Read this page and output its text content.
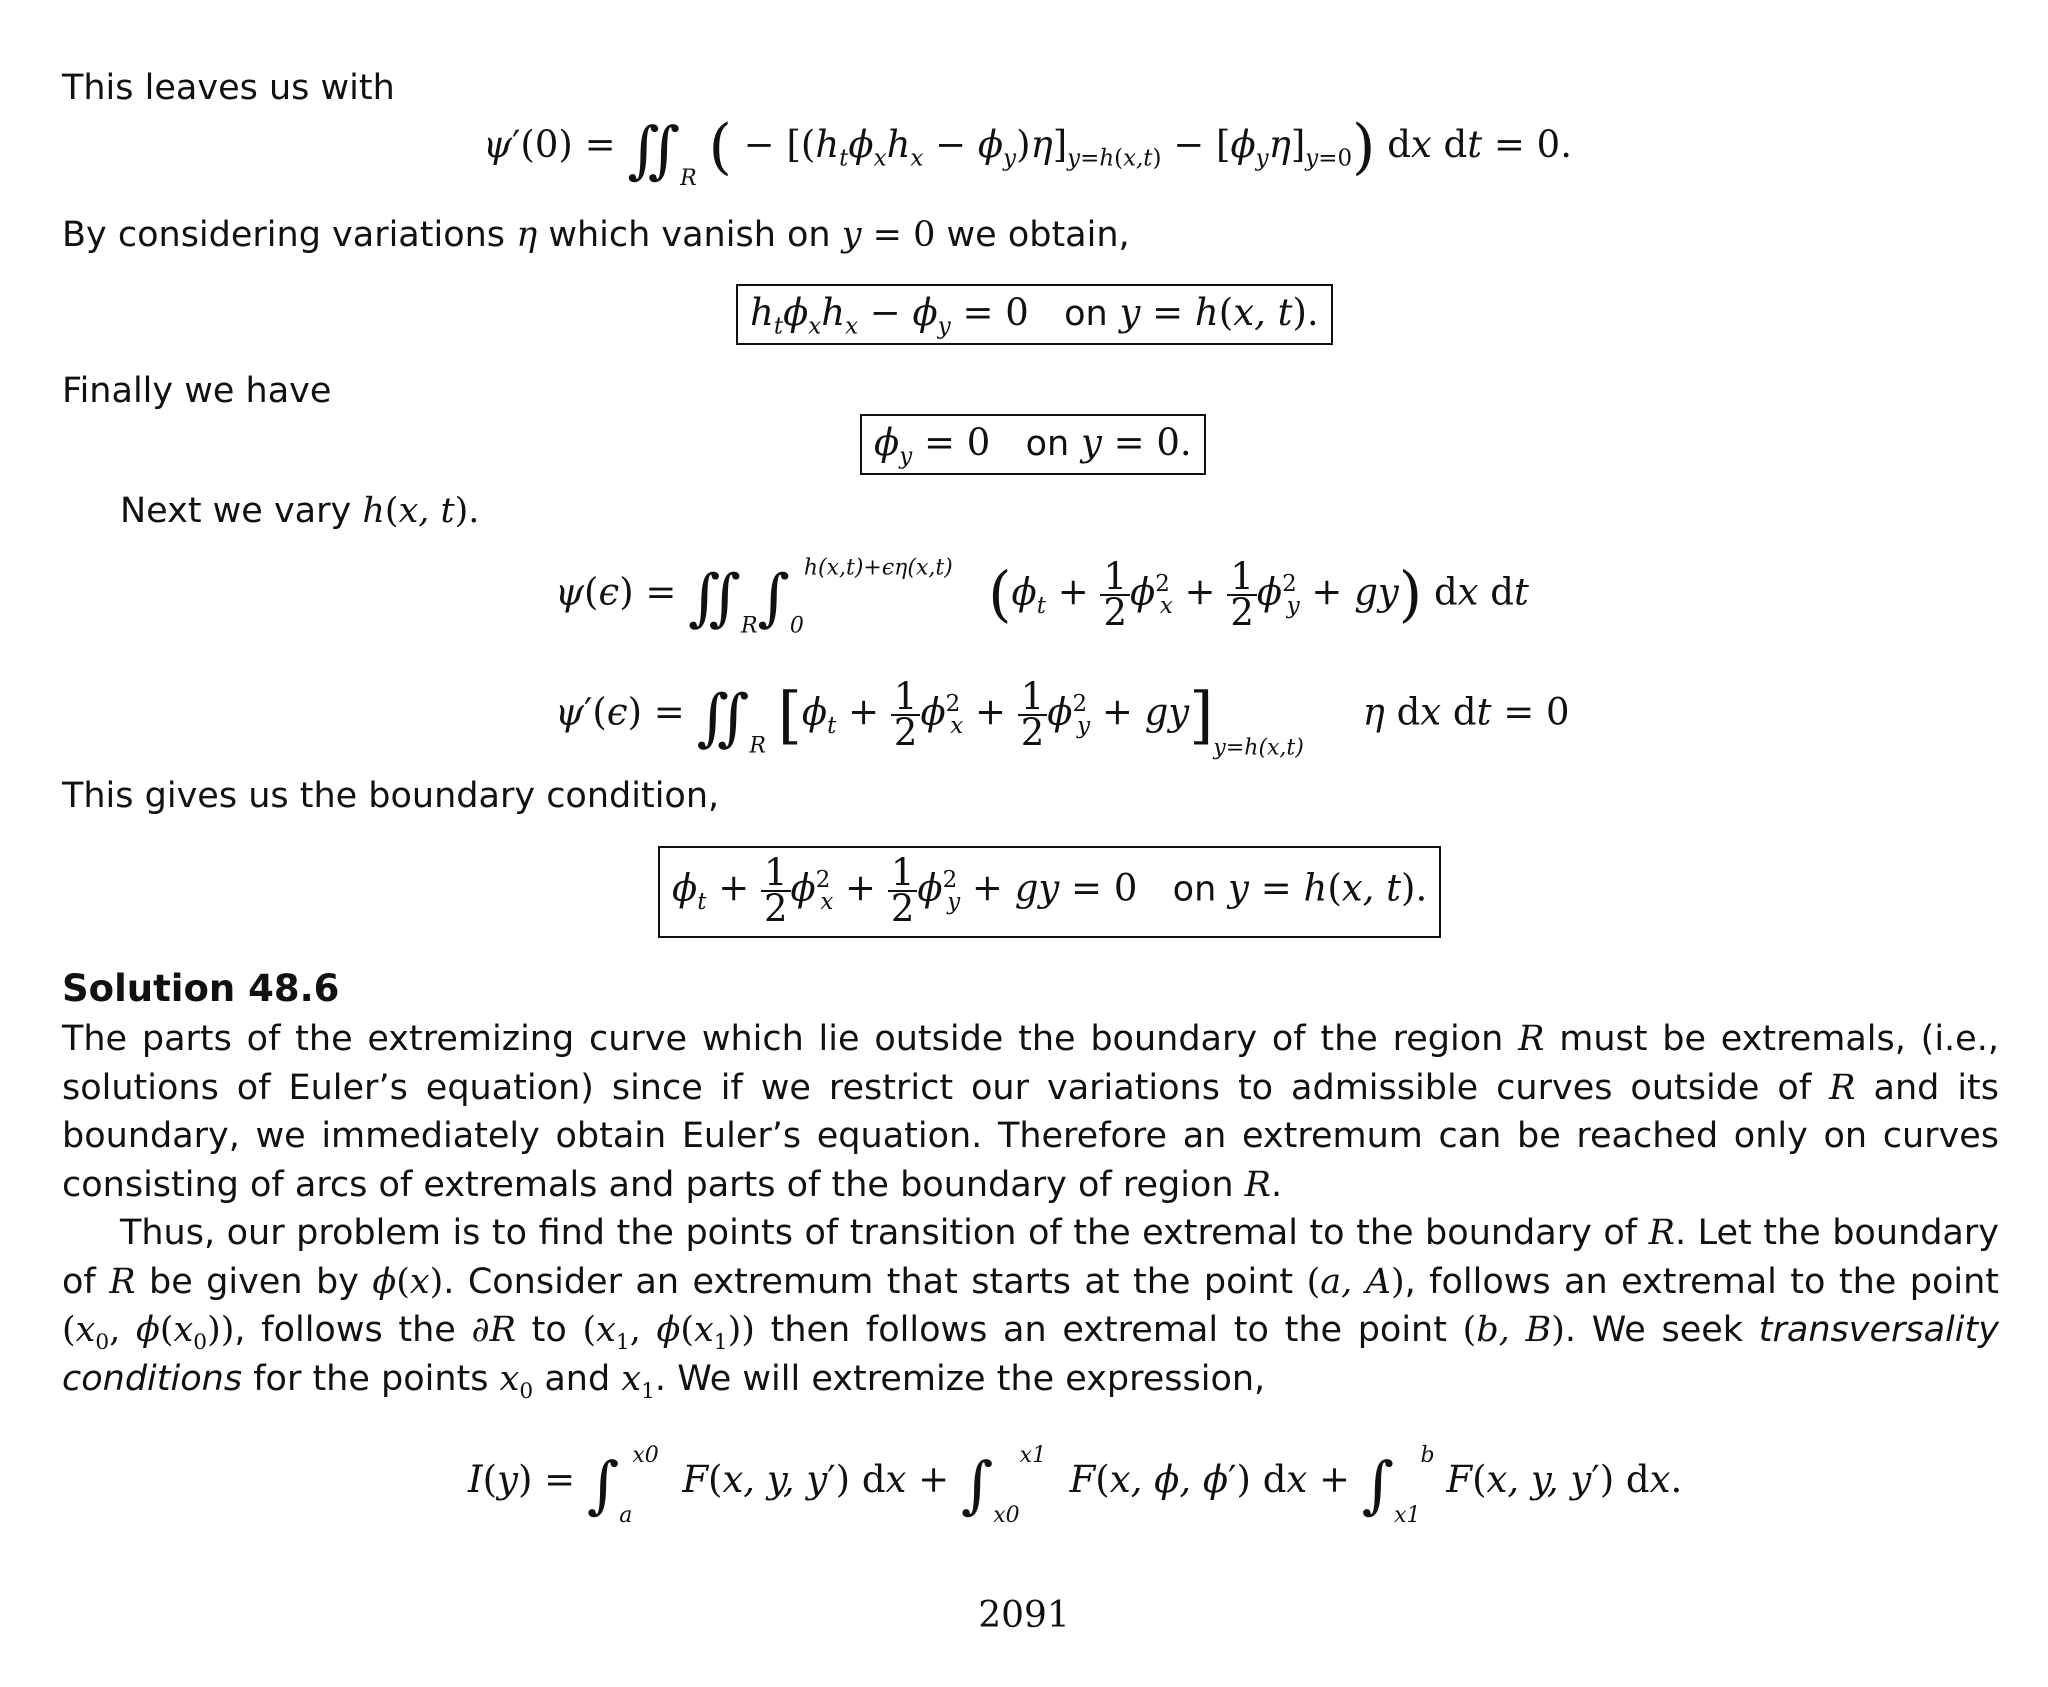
This leaves us with
$\psi'(0) = ∬_R$ ( − $[(h_t\phi_xh_x - \phi_y)\eta]_{y=h(x,t)} - [\phi_y\eta]_{y=0}$) dx dt = 0.
By considering variations η which vanish on y = 0 we obtain,
$h_t\phi_xh_x - \phi_y = 0$   on y = h(x, t).
Finally we have
$\phi_y = 0$   on y = 0.
Next we vary h(x, t).
$\psi(\epsilon) = ∬_R\int_0^{h(x,t)+\epsilon\eta(x,t)}$ $(\phi_t + \frac{1}{2} \phi^2_x + \frac{1}{2} \phi^2_y + gy)$ dx dt
$\psi'(\epsilon) = ∬_R$ $[\phi_t + \frac{1}{2} \phi^2_x + \frac{1}{2} \phi^2_y + gy]_{y=h(x,t)}$     η dx dt = 0
This gives us the boundary condition,
$\phi_t + \frac{1}{2} \phi^2_x + \frac{1}{2} \phi^2_y$ + gy = 0   on y = h(x, t).
Solution 48.6
The parts of the extremizing curve which lie outside the boundary of the region R must be extremals, (i.e., solutions of Euler’s equation) since if we restrict our variations to admissible curves outside of R and its boundary, we immediately obtain Euler’s equation. Therefore an extremum can be reached only on curves consisting of arcs of extremals and parts of the boundary of region R.
Thus, our problem is to find the points of transition of the extremal to the boundary of R. Let the boundary of R be given by ϕ(x). Consider an extremum that starts at the point (a, A), follows an extremal to the point ($x_0$, $\phi(x_0)$), follows the ∂R to ($x_1$, $\phi(x_1)$) then follows an extremal to the point (b, B). We seek transversality conditions for the points $x_0$ and $x_1$. We will extremize the expression,
$I(y) = \int_a^{x0}$  F(x, y, y′) dx + $\int_{x0}^{x1}$  F(x, ϕ, ϕ′) dx + $\int_{x1}^b$ F(x, y, y′) dx.
2091
